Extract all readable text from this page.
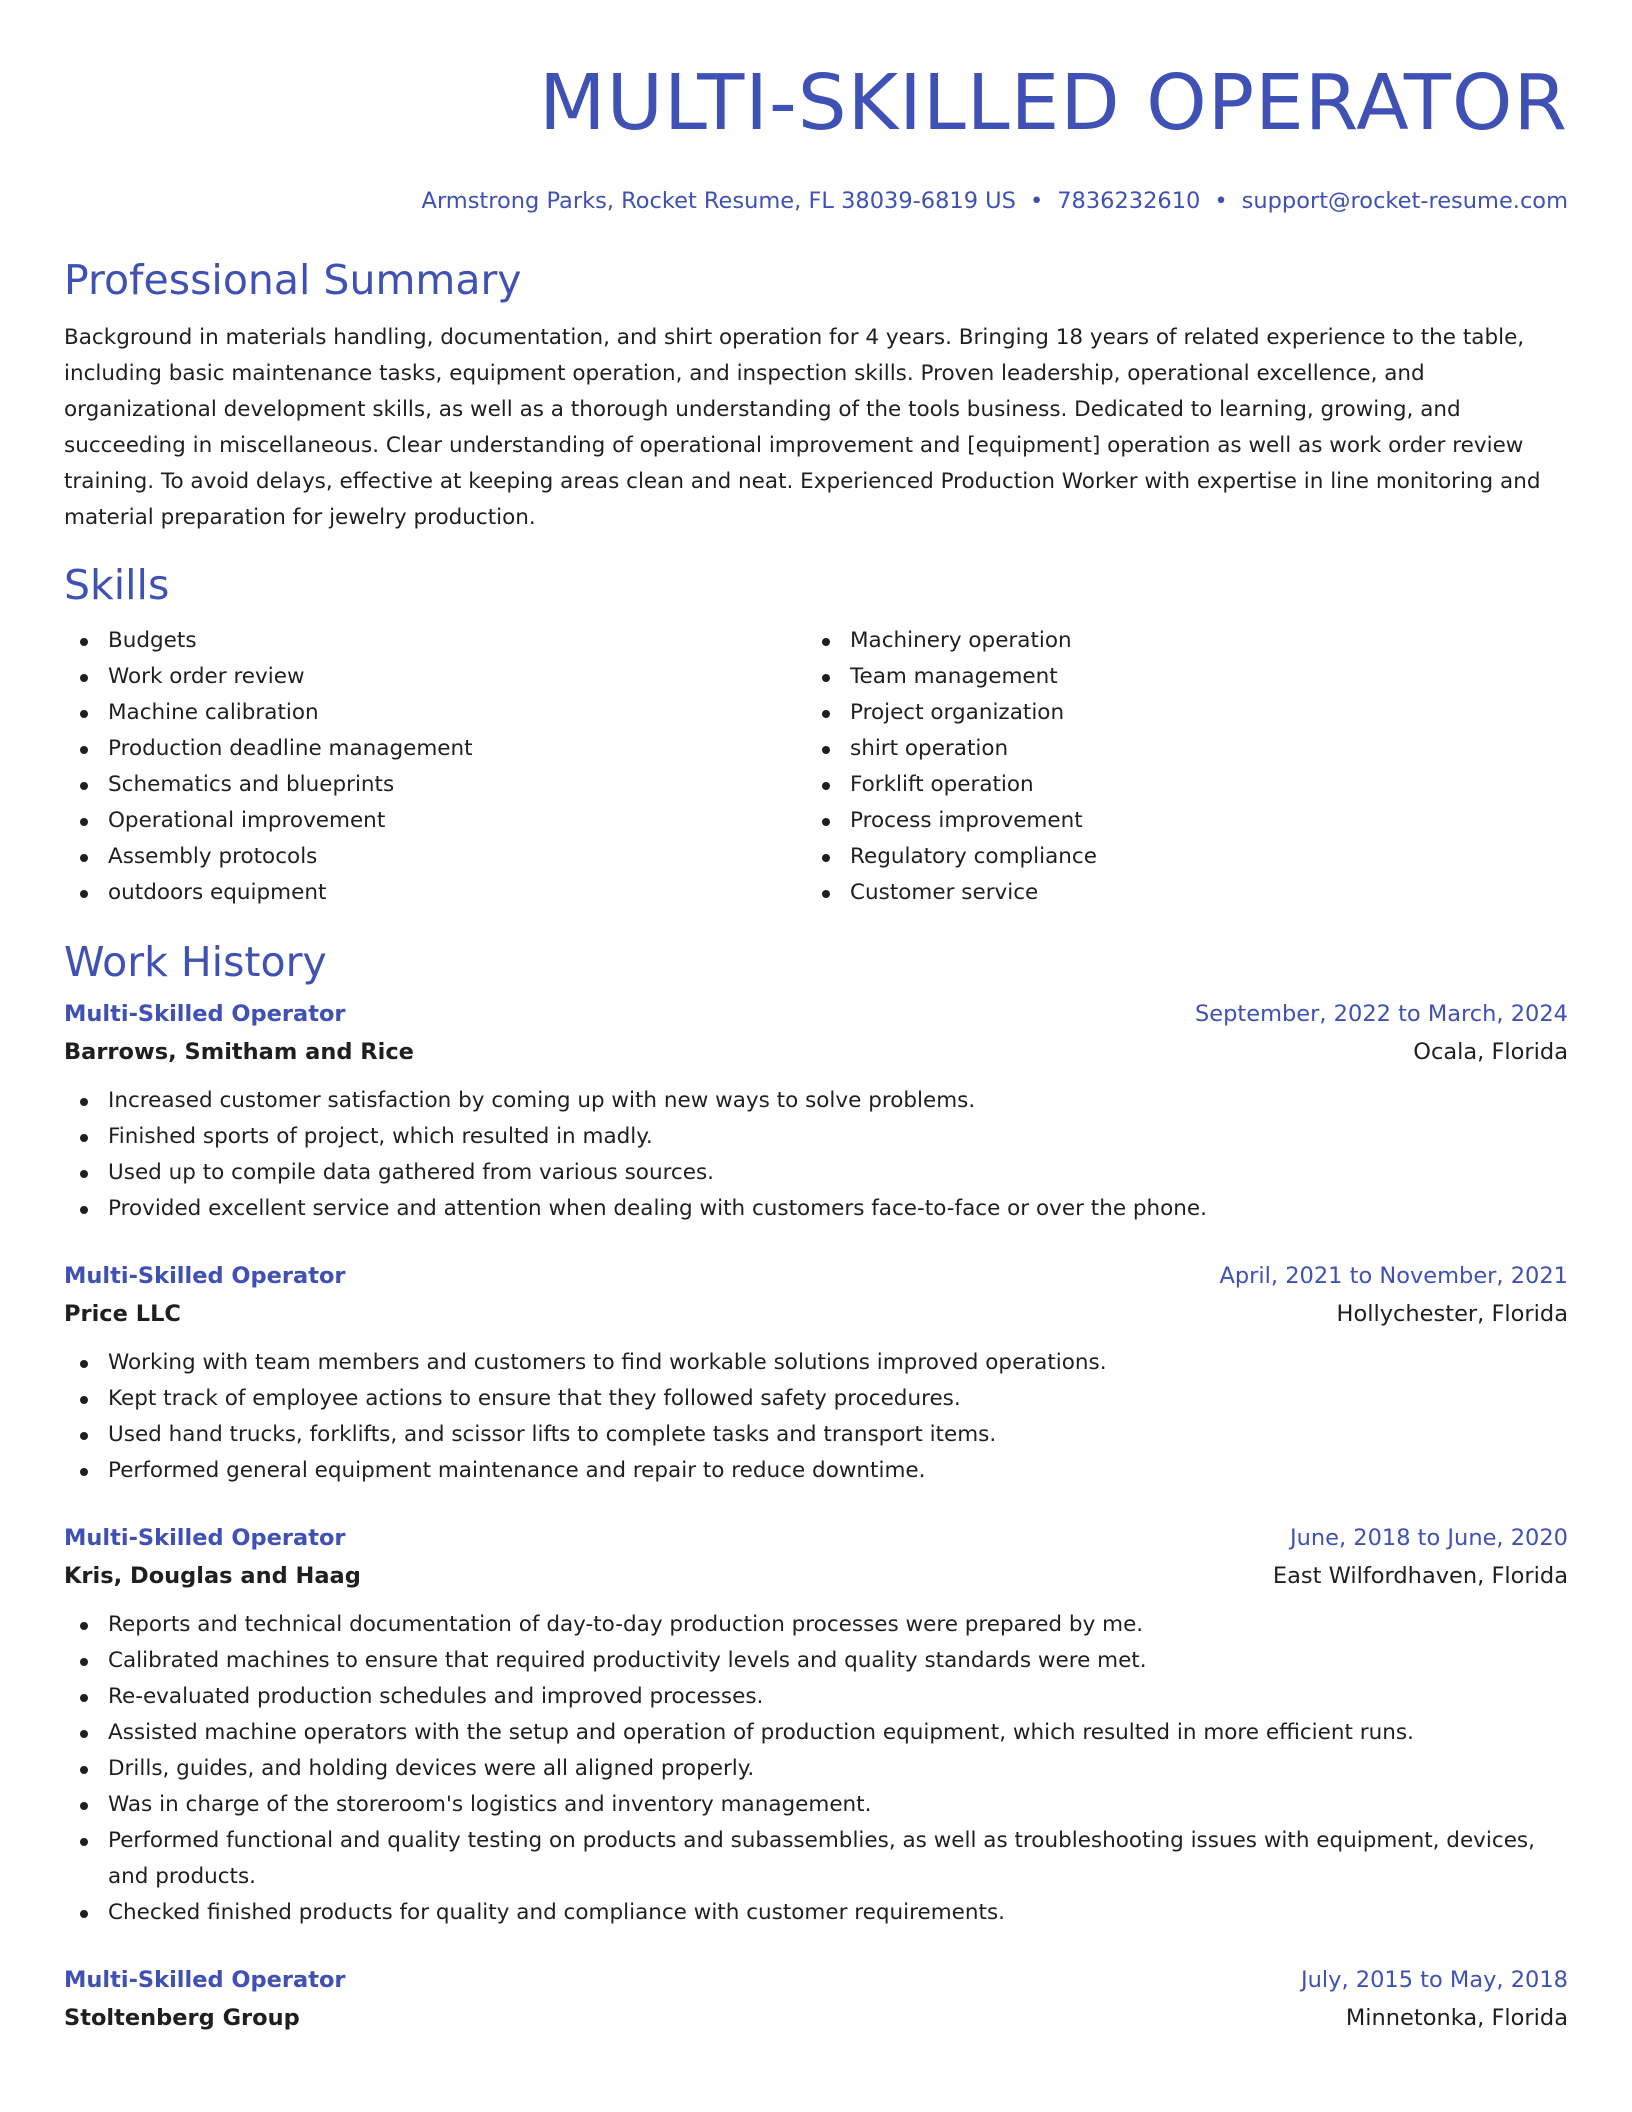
MULTI-SKILLED OPERATOR
Armstrong Parks, Rocket Resume, FL 38039-6819 US • 7836232610 • support@rocket-resume.com
Professional Summary
Background in materials handling, documentation, and shirt operation for 4 years. Bringing 18 years of related experience to the table, including basic maintenance tasks, equipment operation, and inspection skills. Proven leadership, operational excellence, and organizational development skills, as well as a thorough understanding of the tools business. Dedicated to learning, growing, and succeeding in miscellaneous. Clear understanding of operational improvement and [equipment] operation as well as work order review training. To avoid delays, effective at keeping areas clean and neat. Experienced Production Worker with expertise in line monitoring and material preparation for jewelry production.
Skills
Budgets
Work order review
Machine calibration
Production deadline management
Schematics and blueprints
Operational improvement
Assembly protocols
outdoors equipment
Machinery operation
Team management
Project organization
shirt operation
Forklift operation
Process improvement
Regulatory compliance
Customer service
Work History
Multi-Skilled Operator	September, 2022 to March, 2024
Barrows, Smitham and Rice	Ocala, Florida
Increased customer satisfaction by coming up with new ways to solve problems.
Finished sports of project, which resulted in madly.
Used up to compile data gathered from various sources.
Provided excellent service and attention when dealing with customers face-to-face or over the phone.
Multi-Skilled Operator	April, 2021 to November, 2021
Price LLC	Hollychester, Florida
Working with team members and customers to find workable solutions improved operations.
Kept track of employee actions to ensure that they followed safety procedures.
Used hand trucks, forklifts, and scissor lifts to complete tasks and transport items.
Performed general equipment maintenance and repair to reduce downtime.
Multi-Skilled Operator	June, 2018 to June, 2020
Kris, Douglas and Haag	East Wilfordhaven, Florida
Reports and technical documentation of day-to-day production processes were prepared by me.
Calibrated machines to ensure that required productivity levels and quality standards were met.
Re-evaluated production schedules and improved processes.
Assisted machine operators with the setup and operation of production equipment, which resulted in more efficient runs.
Drills, guides, and holding devices were all aligned properly.
Was in charge of the storeroom's logistics and inventory management.
Performed functional and quality testing on products and subassemblies, as well as troubleshooting issues with equipment, devices, and products.
Checked finished products for quality and compliance with customer requirements.
Multi-Skilled Operator	July, 2015 to May, 2018
Stoltenberg Group	Minnetonka, Florida
